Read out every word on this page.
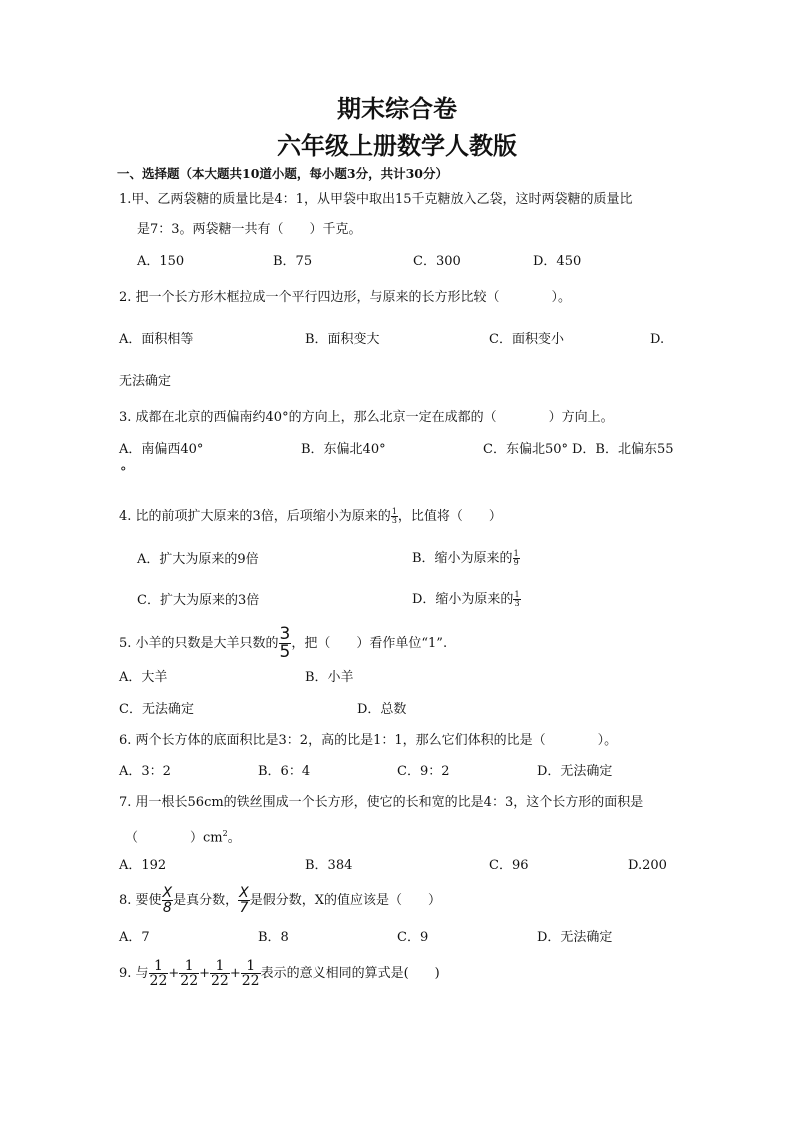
期末综合卷
六年级上册数学人教版
一、选择题（本大题共10道小题，每小题3分，共计30分）
1.甲、乙两袋糖的质量比是4：1，从甲袋中取出15千克糖放入乙袋，这时两袋糖的质量比
是7：3。两袋糖一共有（　　）千克。
A．150	B．75	C．300	D．450
2. 把一个长方形木框拉成一个平行四边形，与原来的长方形比较（　　　　）。
A．面积相等	B．面积变大	C．面积变小	D.
无法确定
3. 成都在北京的西偏南约40°的方向上，那么北京一定在成都的（　　　　）方向上。
A．南偏西40°	B．东偏北40°	C．东偏北50° D．B．北偏东55
°
4. 比的前项扩大原来的3倍，后项缩小为原来的 $\frac{1}{3}$ ，比值将（　　）
A．扩大为原来的9倍	B．缩小为原来的 $\frac{1}{9}$
C．扩大为原来的3倍	D．缩小为原来的 $\frac{1}{3}$
5. 小羊的只数是大羊只数的 $\frac{3}{5}$ ，把（　　）看作单位“1”.
A．大羊	B．小羊
C．无法确定	D．总数
6. 两个长方体的底面积比是3：2，高的比是1：1，那么它们体积的比是（　　　　）。
A．3：2	B．6：4	C．9：2	D．无法确定
7. 用一根长56cm的铁丝围成一个长方形，使它的长和宽的比是4：3，这个长方形的面积是
（　　　　）$cm^2$。
A．192	B．384	C．96	D.200
8. 要使 $\frac{X}{8}$ 是真分数， $\frac{X}{7}$ 是假分数，X的值应该是（　　）
A．7	B．8	C．9	D．无法确定
9. 与 $\frac{1}{22} + \frac{1}{22} + \frac{1}{22} + \frac{1}{22}$ 表示的意义相同的算式是(　　)
